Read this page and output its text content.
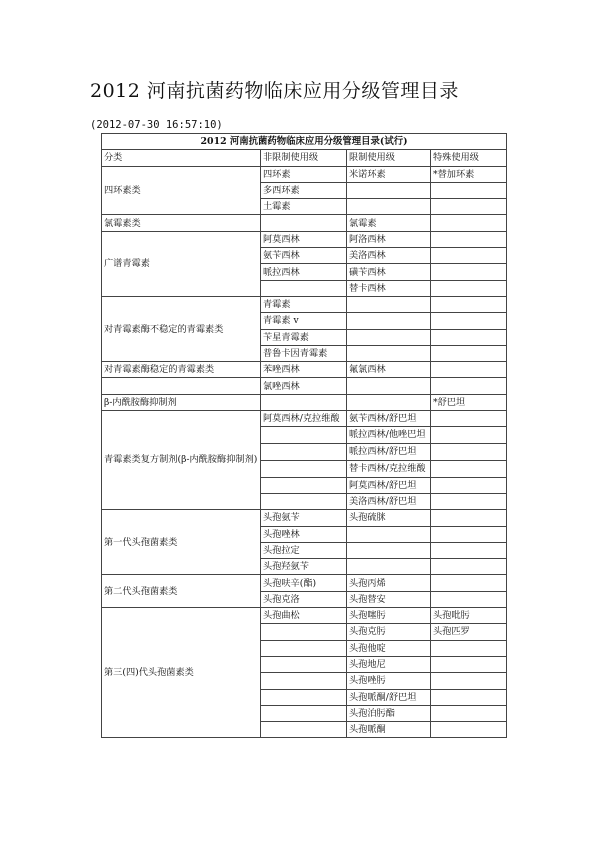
2012 河南抗菌药物临床应用分级管理目录
(2012-07-30 16:57:10)
2012 河南抗菌药物临床应用分级管理目录(试行)			
分类	非限制使用级	限制使用级	特殊使用级
四环素类	四环素	米诺环素	*替加环素
	多西环素		
	土霉素		
氯霉素类		氯霉素	
广谱青霉素	阿莫西林	阿洛西林	
	氨苄西林	美洛西林	
	哌拉西林	磺苄西林	
		替卡西林	
对青霉素酶不稳定的青霉素类	青霉素		
	青霉素 v		
	苄星青霉素		
	普鲁卡因青霉素		
对青霉素酶稳定的青霉素类	苯唑西林	氟氯西林	
	氯唑西林		
β-内酰胺酶抑制剂			*舒巴坦
青霉素类复方制剂(β-内酰胺酶抑制剂)	阿莫西林/克拉维酸	氨苄西林/舒巴坦	
		哌拉西林/他唑巴坦	
		哌拉西林/舒巴坦	
		替卡西林/克拉维酸	
		阿莫西林/舒巴坦	
		美洛西林/舒巴坦	
第一代头孢菌素类	头孢氨苄	头孢硫脒	
	头孢唑林		
	头孢拉定		
	头孢羟氨苄		
第二代头孢菌素类	头孢呋辛(酯)	头孢丙烯	
	头孢克洛	头孢替安	
第三(四)代头孢菌素类	头孢曲松	头孢噻肟	头孢吡肟
		头孢克肟	头孢匹罗
		头孢他啶	
		头孢地尼	
		头孢唑肟	
		头孢哌酮/舒巴坦	
		头孢泊肟酯	
		头孢哌酮	
